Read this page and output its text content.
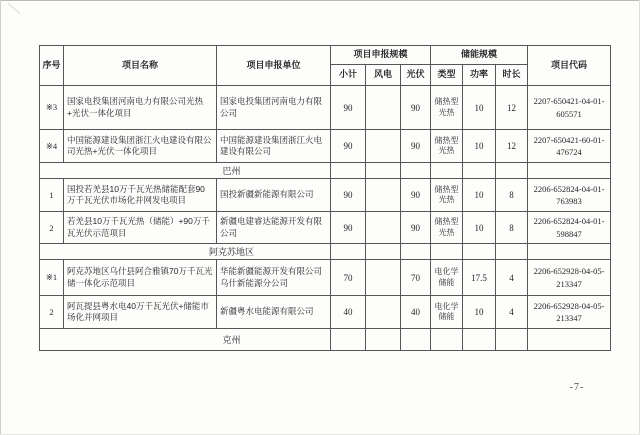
序号	项目名称	项目申报单位	项目申报规模			储能规模			项目代码
			小计	风电	光伏	类型	功率	时长	
※3	国家电投集团河南电力有限公司光热+光伏一体化项目	国家电投集团河南电力有限公司	90		90	储热型光热	10	12	2207-650421-04-01-605571
※4	中国能源建设集团浙江火电建设有限公司光热+光伏一体化项目	中国能源建设集团浙江火电建设有限公司	90		90	储热型光热	10	12	2207-650421-60-01-476724
巴州									
1	国投若羌县10万千瓦光热储能配套90万千瓦光伏市场化并网发电项目	国投新疆新能源有限公司	90		90	储热型光热	10	8	2206-652824-04-01-763983
2	若羌县10万千瓦光热（储能）+90万千瓦光伏示范项目	新疆电建睿达能源开发有限公司	90		90	储热型光热	10	8	2206-652824-04-01-598847
阿克苏地区									
※1	阿克苏地区乌什县阿合雅镇70万千瓦光储一体化示范项目	华能新疆能源开发有限公司乌什新能源分公司	70		70	电化学储能	17.5	4	2206-652928-04-05-213347
2	阿瓦提县粤水电40万千瓦光伏+储能市场化并网项目	新疆粤水电能源有限公司	40		40	电化学储能	10	4	2206-652928-04-05-213347
克州									
-7-
